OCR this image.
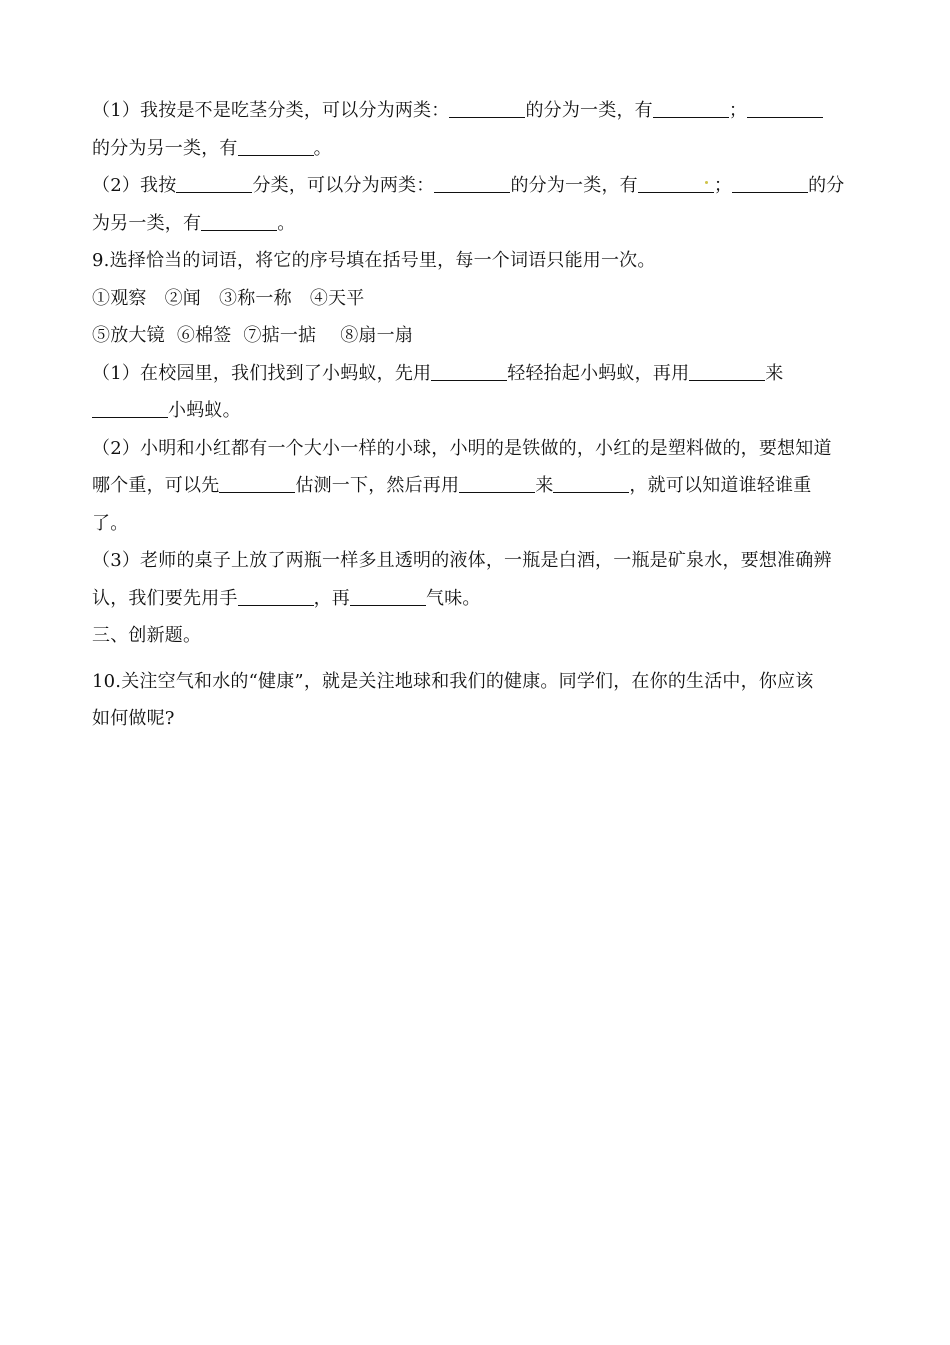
（1）我按是不是吃茎分类，可以分为两类：	的分为一类，有	；
的分为另一类，有	。
（2）我按	分类，可以分为两类：	的分为一类，有	；	的分
为另一类，有	。
9.选择恰当的词语，将它的序号填在括号里，每一个词语只能用一次。
①观察 ②闻 ③称一称 ④天平
⑤放大镜 ⑥棉签 ⑦掂一掂 ⑧扇一扇
（1）在校园里，我们找到了小蚂蚁，先用	轻轻抬起小蚂蚁，再用	来
小蚂蚁。
（2）小明和小红都有一个大小一样的小球，小明的是铁做的，小红的是塑料做的，要想知道
哪个重，可以先	估测一下，然后再用	来	，就可以知道谁轻谁重
了。
（3）老师的桌子上放了两瓶一样多且透明的液体，一瓶是白酒，一瓶是矿泉水，要想准确辨
认，我们要先用手	，再	气味。
三、创新题。
10.关注空气和水的“健康”，就是关注地球和我们的健康。同学们，在你的生活中，你应该
如何做呢?
